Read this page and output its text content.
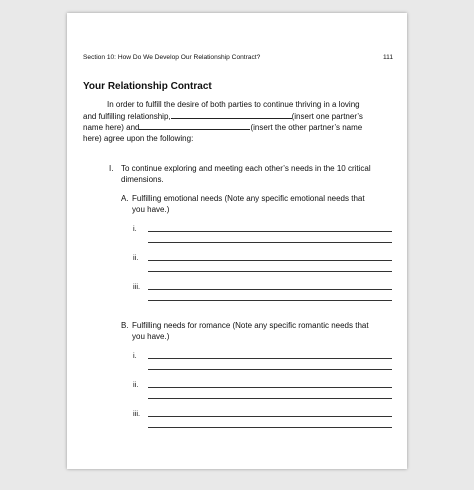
Section 10: How Do We Develop Our Relationship Contract?	111
Your Relationship Contract
In order to fulfill the desire of both parties to continue thriving in a loving
and fulfilling relationship,	(insert one partner’s
name here) and	(insert the other partner’s name
here) agree upon the following:
I. To continue exploring and meeting each other’s needs in the 10 critical
dimensions.
A. Fulfilling emotional needs (Note any specific emotional needs that
you have.)
i.
ii.
iii.
B. Fulfilling needs for romance (Note any specific romantic needs that
you have.)
i.
ii.
iii.
